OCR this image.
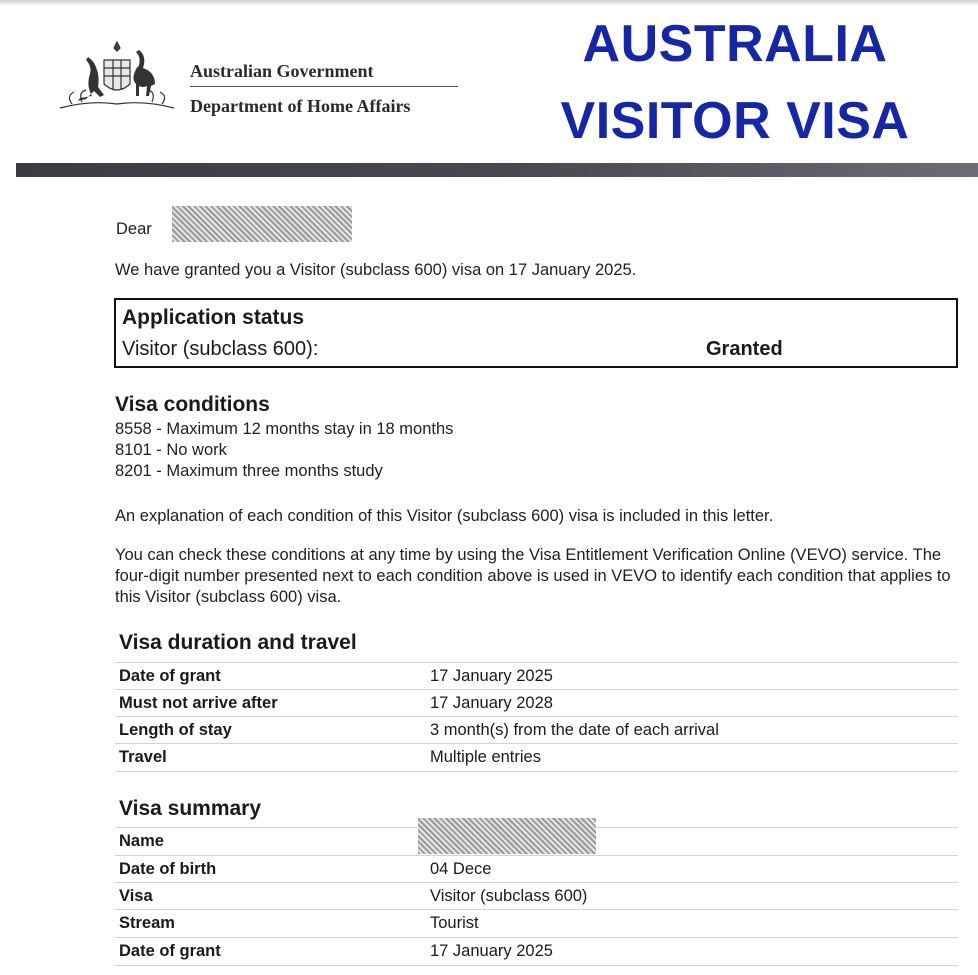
Australian Government
Department of Home Affairs
AUSTRALIA
VISITOR VISA
Dear
We have granted you a Visitor (subclass 600) visa on 17 January 2025.
Application status
Visitor (subclass 600):	Granted
Visa conditions
8558 - Maximum 12 months stay in 18 months
8101 - No work
8201 - Maximum three months study
An explanation of each condition of this Visitor (subclass 600) visa is included in this letter.
You can check these conditions at any time by using the Visa Entitlement Verification Online (VEVO) service. The four-digit number presented next to each condition above is used in VEVO to identify each condition that applies to this Visitor (subclass 600) visa.
Visa duration and travel
Date of grant	17 January 2025
Must not arrive after	17 January 2028
Length of stay	3 month(s) from the date of each arrival
Travel	Multiple entries
Visa summary
Name
Date of birth	04 Dece
Visa	Visitor (subclass 600)
Stream	Tourist
Date of grant	17 January 2025
